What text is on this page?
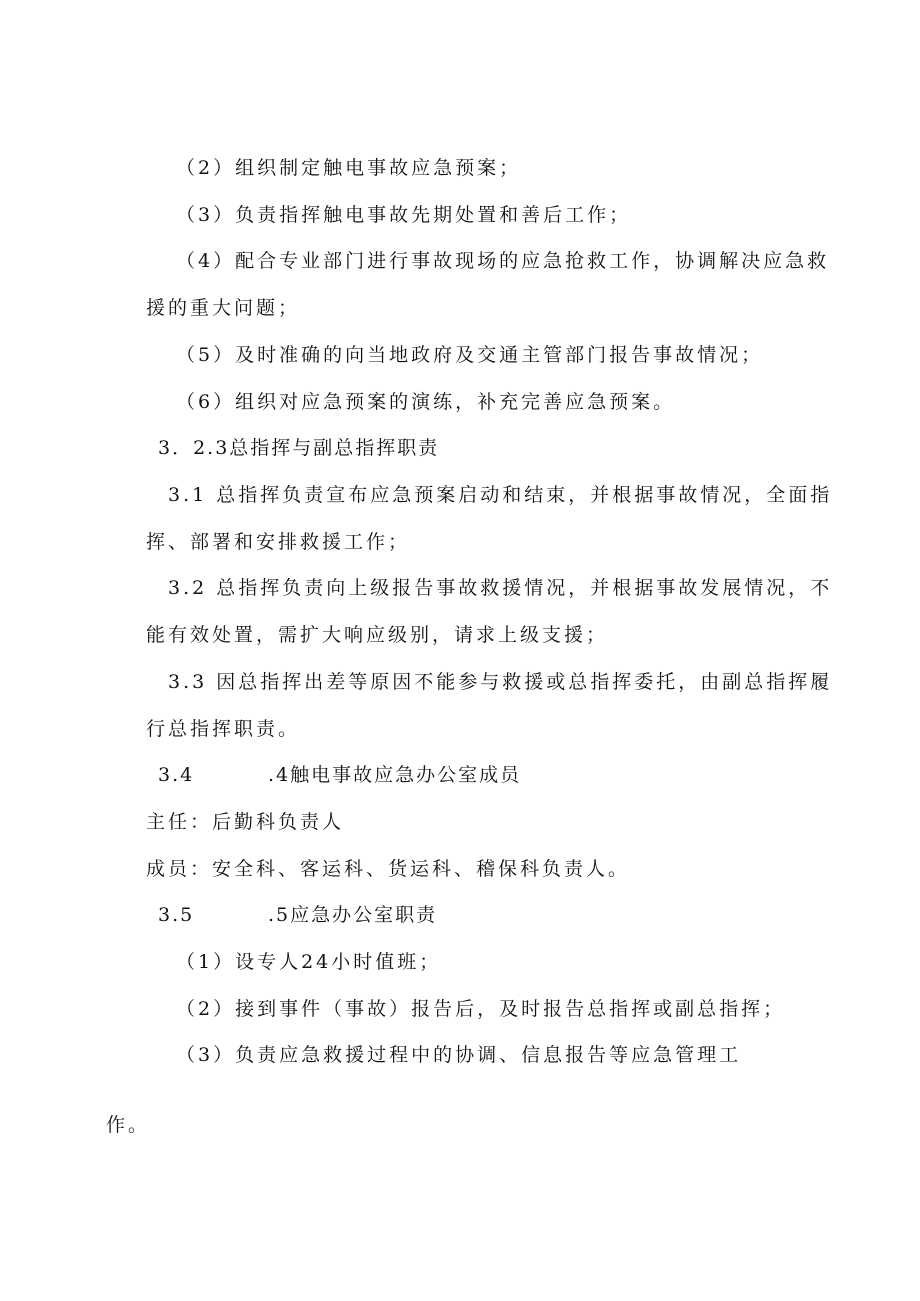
（2）组织制定触电事故应急预案；
（3）负责指挥触电事故先期处置和善后工作；
（4）配合专业部门进行事故现场的应急抢救工作，协调解决应急救
援的重大问题；
（5）及时准确的向当地政府及交通主管部门报告事故情况；
（6）组织对应急预案的演练，补充完善应急预案。
3．2.3总指挥与副总指挥职责
3.1 总指挥负责宣布应急预案启动和结束，并根据事故情况，全面指
挥、部署和安排救援工作；
3.2 总指挥负责向上级报告事故救援情况，并根据事故发展情况，不
能有效处置，需扩大响应级别，请求上级支援；
3.3 因总指挥出差等原因不能参与救援或总指挥委托，由副总指挥履
行总指挥职责。
3.4	.4触电事故应急办公室成员
主任：后勤科负责人
成员：安全科、客运科、货运科、稽保科负责人。
3.5	.5应急办公室职责
（1）设专人24小时值班；
（2）接到事件（事故）报告后，及时报告总指挥或副总指挥；
（3）负责应急救援过程中的协调、信息报告等应急管理工
作。
